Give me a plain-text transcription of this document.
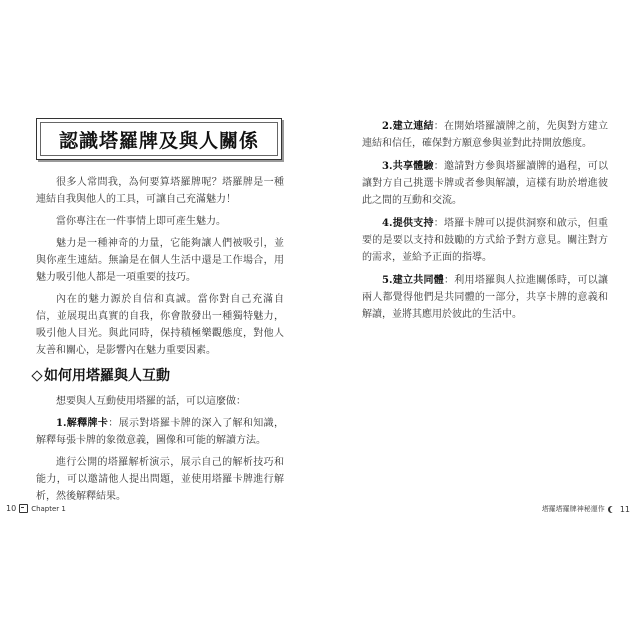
認識塔羅牌及與人關係

很多人常問我，為何要算塔羅牌呢？塔羅牌是一種連結自我與他人的工具，可讓自己充滿魅力！

當你專注在一件事情上即可產生魅力。

魅力是一種神奇的力量，它能夠讓人們被吸引，並與你產生連結。無論是在個人生活中還是工作場合，用魅力吸引他人都是一項重要的技巧。

內在的魅力源於自信和真誠。當你對自己充滿自信，並展現出真實的自我，你會散發出一種獨特魅力，吸引他人目光。與此同時，保持積極樂觀態度，對他人友善和關心，是影響內在魅力重要因素。

如何用塔羅與人互動

想要與人互動使用塔羅的話，可以這麼做：

1.解釋牌卡：展示對塔羅卡牌的深入了解和知識，解釋每張卡牌的象徵意義，圖像和可能的解讀方法。

進行公開的塔羅解析演示，展示自己的解析技巧和能力，可以邀請他人提出問題，並使用塔羅卡牌進行解析，然後解釋結果。

2.建立連結：在開始塔羅讀牌之前，先與對方建立連結和信任，確保對方願意參與並對此持開放態度。

3.共享體驗：邀請對方參與塔羅讀牌的過程，可以讓對方自己挑選卡牌或者參與解讀，這樣有助於增進彼此之間的互動和交流。

4.提供支持：塔羅卡牌可以提供洞察和啟示，但重要的是要以支持和鼓勵的方式給予對方意見。關注對方的需求，並給予正面的指導。

5.建立共同體：利用塔羅與人拉進關係時，可以讓兩人都覺得他們是共同體的一部分，共享卡牌的意義和解讀，並將其應用於彼此的生活中。

10 Chapter 1	塔羅塔羅牌神秘運作 11
